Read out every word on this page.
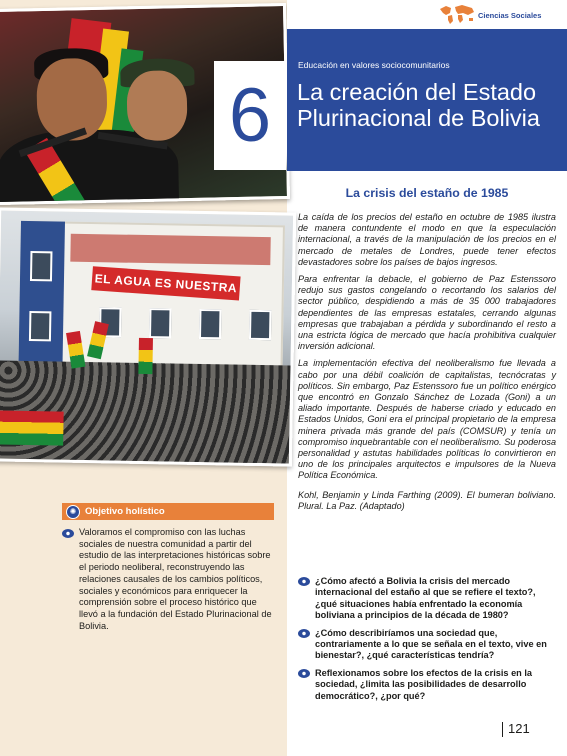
EL AGUA ES NUESTRA
✺ Objetivo holístico
Valoramos el compromiso con las luchas sociales de nuestra comunidad a partir del estudio de las interpretaciones históricas sobre el periodo neoliberal, reconstruyendo las relaciones causales de los cambios políticos, sociales y económicos para enriquecer la comprensión sobre el proceso histórico que llevó a la fundación del Estado Plurinacional de Bolivia.
Ciencias Sociales
6
Educación en valores sociocomunitarios
La creación del Estado Plurinacional de Bolivia
La crisis del estaño de 1985

La caída de los precios del estaño en octubre de 1985 ilustra de manera contundente el modo en que la especulación internacional, a través de la manipulación de los precios en el mercado de metales de Londres, puede tener efectos devastadores sobre los países de bajos ingresos.

Para enfrentar la debacle, el gobierno de Paz Estenssoro redujo sus gastos congelando o recortando los salarios del sector público, despidiendo a más de 35 000 trabajadores dependientes de las empresas estatales, cerrando algunas empresas que trabajaban a pérdida y subordinando el resto a una estricta lógica de mercado que hacía prohibitiva cualquier inversión adicional.

La implementación efectiva del neoliberalismo fue llevada a cabo por una débil coalición de capitalistas, tecnócratas y políticos. Sin embargo, Paz Estenssoro fue un político enérgico que encontró en Gonzalo Sánchez de Lozada (Goni) a un aliado importante. Después de haberse criado y educado en Estados Unidos, Goni era el principal propietario de la empresa minera privada más grande del país (COMSUR) y tenía un compromiso inquebrantable con el neoliberalismo. Su poderosa personalidad y astutas habilidades políticas lo convirtieron en uno de los principales arquitectos e impulsores de la Nueva Política Económica.

Kohl, Benjamin y Linda Farthing (2009). El bumeran boliviano. Plural. La Paz. (Adaptado)

¿Cómo afectó a Bolivia la crisis del mercado internacional del estaño al que se refiere el texto?, ¿qué situaciones había enfrentado la economía boliviana a principios de la década de 1980?
¿Cómo describiríamos una sociedad que, contrariamente a lo que se señala en el texto, vive en bienestar?, ¿qué características tendría?
Reflexionamos sobre los efectos de la crisis en la sociedad, ¿limita las posibilidades de desarrollo democrático?, ¿por qué?
121
